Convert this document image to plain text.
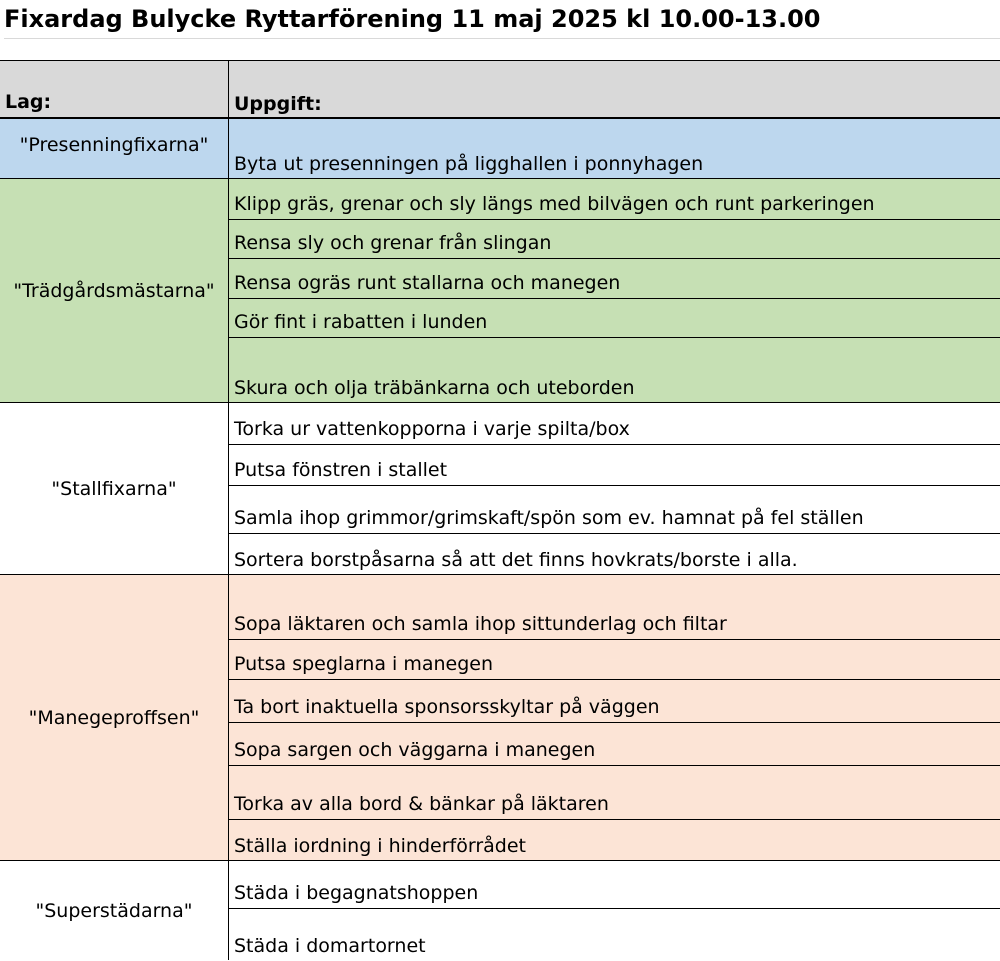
Fixardag Bulycke Ryttarförening 11 maj 2025 kl 10.00-13.00
Lag:	Uppgift:
"Presenningfixarna"
Byta ut presenningen på ligghallen i ponnyhagen
"Trädgårdsmästarna"
Klipp gräs, grenar och sly längs med bilvägen och runt parkeringen
Rensa sly och grenar från slingan
Rensa ogräs runt stallarna och manegen
Gör fint i rabatten i lunden
Skura och olja träbänkarna och uteborden
"Stallfixarna"
Torka ur vattenkopporna i varje spilta/box
Putsa fönstren i stallet
Samla ihop grimmor/grimskaft/spön som ev. hamnat på fel ställen
Sortera borstpåsarna så att det finns hovkrats/borste i alla.
"Manegeproffsen"
Sopa läktaren och samla ihop sittunderlag och filtar
Putsa speglarna i manegen
Ta bort inaktuella sponsorsskyltar på väggen
Sopa sargen och väggarna i manegen
Torka av alla bord & bänkar på läktaren
Ställa iordning i hinderförrådet
"Superstädarna"
Städa i begagnatshoppen
Städa i domartornet
